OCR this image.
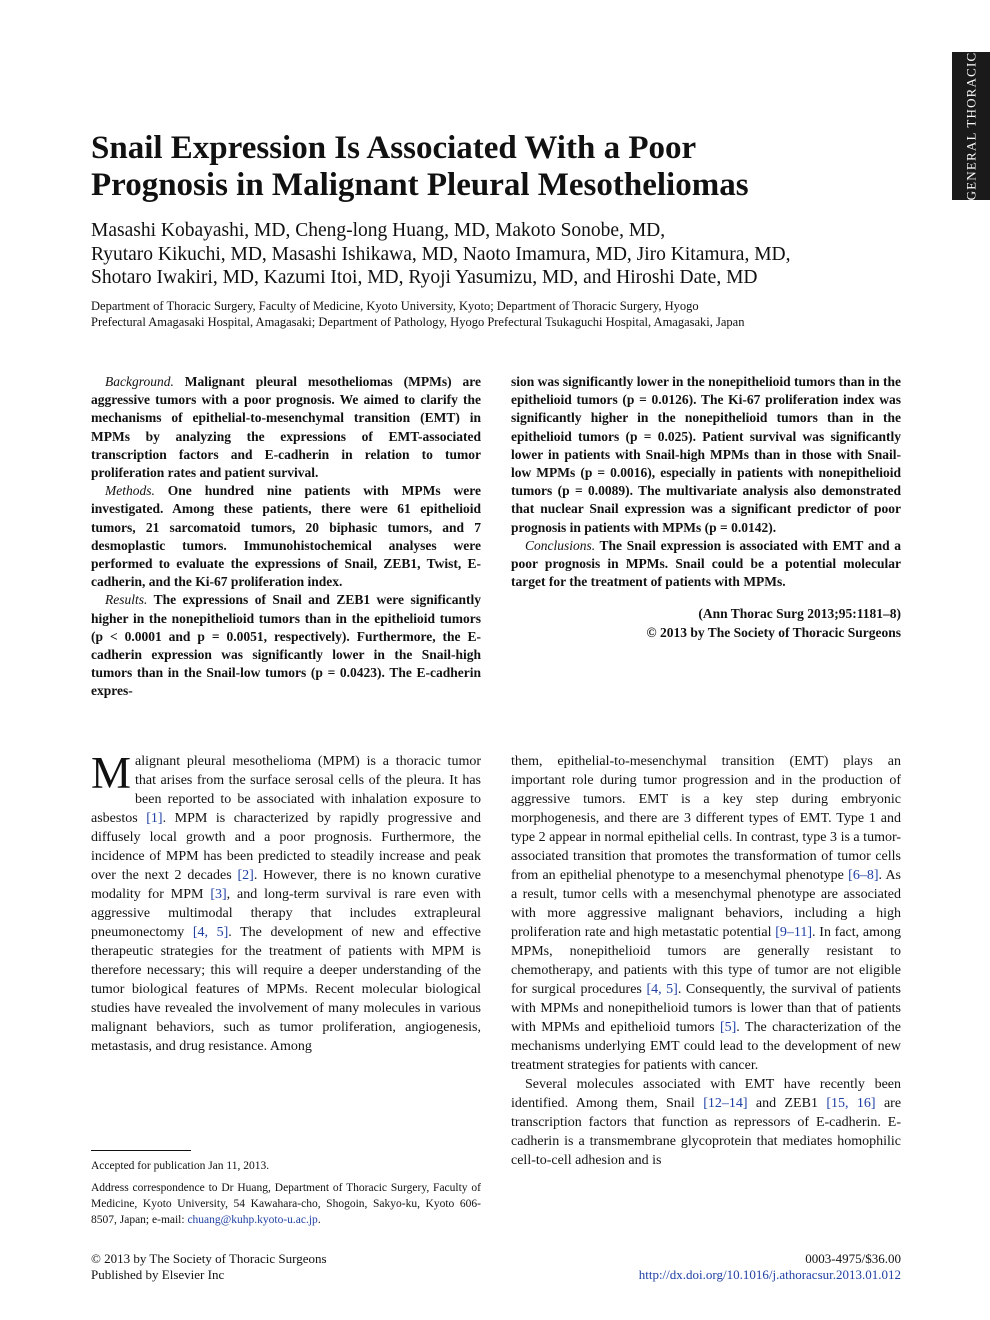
GENERAL THORACIC
Snail Expression Is Associated With a Poor
Prognosis in Malignant Pleural Mesotheliomas
Masashi Kobayashi, MD, Cheng-long Huang, MD, Makoto Sonobe, MD,
Ryutaro Kikuchi, MD, Masashi Ishikawa, MD, Naoto Imamura, MD, Jiro Kitamura, MD,
Shotaro Iwakiri, MD, Kazumi Itoi, MD, Ryoji Yasumizu, MD, and Hiroshi Date, MD
Department of Thoracic Surgery, Faculty of Medicine, Kyoto University, Kyoto; Department of Thoracic Surgery, Hyogo
Prefectural Amagasaki Hospital, Amagasaki; Department of Pathology, Hyogo Prefectural Tsukaguchi Hospital, Amagasaki, Japan

Background. Malignant pleural mesotheliomas (MPMs) are aggressive tumors with a poor prognosis. We aimed to clarify the mechanisms of epithelial-to-mesenchymal transition (EMT) in MPMs by analyzing the expressions of EMT-associated transcription factors and E-cadherin in relation to tumor proliferation rates and patient survival.

Methods. One hundred nine patients with MPMs were investigated. Among these patients, there were 61 epithelioid tumors, 21 sarcomatoid tumors, 20 biphasic tumors, and 7 desmoplastic tumors. Immunohistochemical analyses were performed to evaluate the expressions of Snail, ZEB1, Twist, E-cadherin, and the Ki-67 proliferation index.

Results. The expressions of Snail and ZEB1 were significantly higher in the nonepithelioid tumors than in the epithelioid tumors (p < 0.0001 and p = 0.0051, respectively). Furthermore, the E-cadherin expression was significantly lower in the Snail-high tumors than in the Snail-low tumors (p = 0.0423). The E-cadherin expres-

sion was significantly lower in the nonepithelioid tumors than in the epithelioid tumors (p = 0.0126). The Ki-67 proliferation index was significantly higher in the nonepithelioid tumors than in the epithelioid tumors (p = 0.025). Patient survival was significantly lower in patients with Snail-high MPMs than in those with Snail-low MPMs (p = 0.0016), especially in patients with nonepithelioid tumors (p = 0.0089). The multivariate analysis also demonstrated that nuclear Snail expression was a significant predictor of poor prognosis in patients with MPMs (p = 0.0142).

Conclusions. The Snail expression is associated with EMT and a poor prognosis in MPMs. Snail could be a potential molecular target for the treatment of patients with MPMs.

(Ann Thorac Surg 2013;95:1181–8)
© 2013 by The Society of Thoracic Surgeons

Malignant pleural mesothelioma (MPM) is a thoracic tumor that arises from the surface serosal cells of the pleura. It has been reported to be associated with inhalation exposure to asbestos [1]. MPM is characterized by rapidly progressive and diffusely local growth and a poor prognosis. Furthermore, the incidence of MPM has been predicted to steadily increase and peak over the next 2 decades [2]. However, there is no known curative modality for MPM [3], and long-term survival is rare even with aggressive multimodal therapy that includes extrapleural pneumonectomy [4, 5]. The development of new and effective therapeutic strategies for the treatment of patients with MPM is therefore necessary; this will require a deeper understanding of the tumor biological features of MPMs. Recent molecular biological studies have revealed the involvement of many molecules in various malignant behaviors, such as tumor proliferation, angiogenesis, metastasis, and drug resistance. Among

them, epithelial-to-mesenchymal transition (EMT) plays an important role during tumor progression and in the production of aggressive tumors. EMT is a key step during embryonic morphogenesis, and there are 3 different types of EMT. Type 1 and type 2 appear in normal epithelial cells. In contrast, type 3 is a tumor-associated transition that promotes the transformation of tumor cells from an epithelial phenotype to a mesenchymal phenotype [6–8]. As a result, tumor cells with a mesenchymal phenotype are associated with more aggressive malignant behaviors, including a high proliferation rate and high metastatic potential [9–11]. In fact, among MPMs, nonepithelioid tumors are generally resistant to chemotherapy, and patients with this type of tumor are not eligible for surgical procedures [4, 5]. Consequently, the survival of patients with MPMs and nonepithelioid tumors is lower than that of patients with MPMs and epithelioid tumors [5]. The characterization of the mechanisms underlying EMT could lead to the development of new treatment strategies for patients with cancer.

Several molecules associated with EMT have recently been identified. Among them, Snail [12–14] and ZEB1 [15, 16] are transcription factors that function as repressors of E-cadherin. E-cadherin is a transmembrane glycoprotein that mediates homophilic cell-to-cell adhesion and is

Accepted for publication Jan 11, 2013.

Address correspondence to Dr Huang, Department of Thoracic Surgery, Faculty of Medicine, Kyoto University, 54 Kawahara-cho, Shogoin, Sakyo-ku, Kyoto 606-8507, Japan; e-mail: chuang@kuhp.kyoto-u.ac.jp.

© 2013 by The Society of Thoracic Surgeons
Published by Elsevier Inc
0003-4975/$36.00
http://dx.doi.org/10.1016/j.athoracsur.2013.01.012
